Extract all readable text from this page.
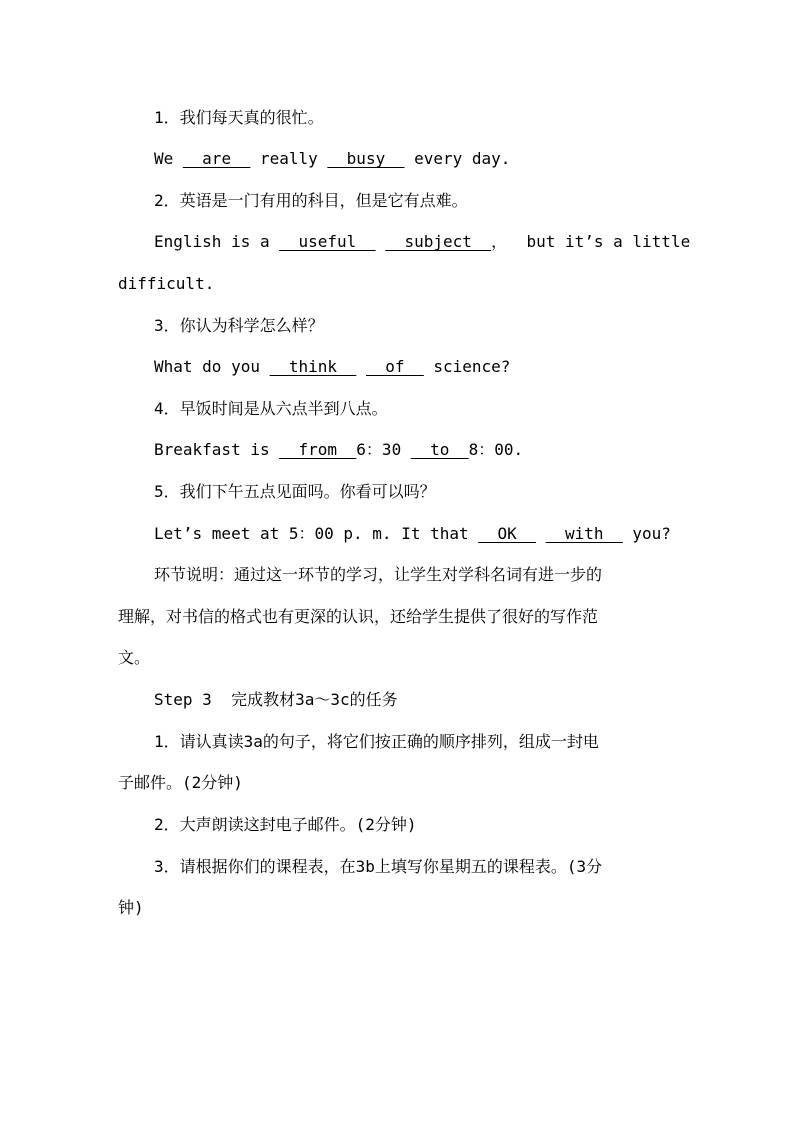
1．我们每天真的很忙。
We __are__ really __busy__ every day.
2．英语是一门有用的科目，但是它有点难。
English is a __useful__ __subject__，  but it’s a little
difficult.
3．你认为科学怎么样？
What do you __think__ __of__ science?
4．早饭时间是从六点半到八点。
Breakfast is __from__6：30 __to__8：00.
5．我们下午五点见面吗。你看可以吗？
Let’s meet at 5：00 p. m. It that __OK__ __with__ you?
环节说明：通过这一环节的学习，让学生对学科名词有进一步的
理解，对书信的格式也有更深的认识，还给学生提供了很好的写作范
文。
Step 3  完成教材3a～3c的任务
1．请认真读3a的句子，将它们按正确的顺序排列，组成一封电
子邮件。(2分钟)
2．大声朗读这封电子邮件。(2分钟)
3．请根据你们的课程表，在3b上填写你星期五的课程表。(3分
钟)
